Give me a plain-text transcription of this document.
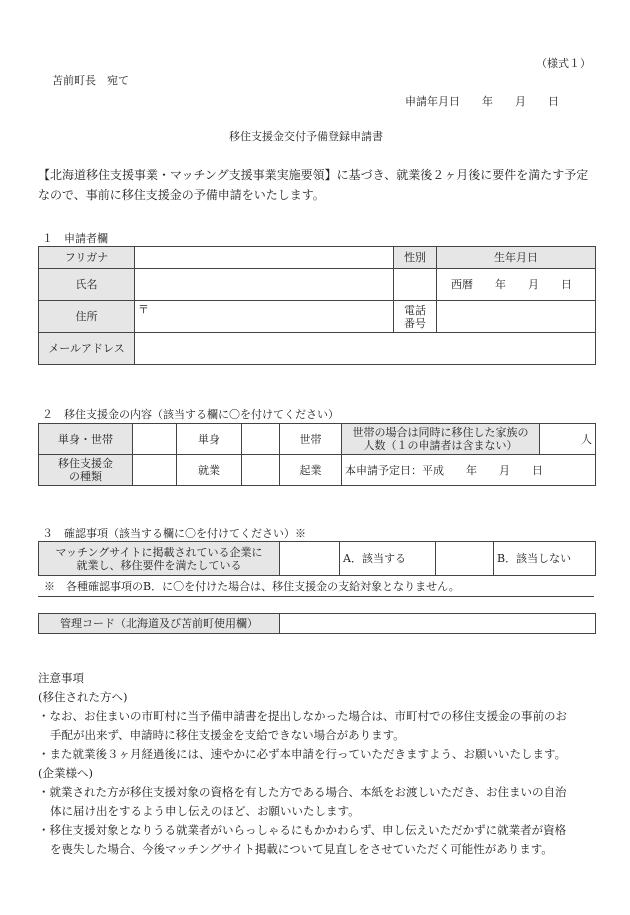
（様式１）
苫前町長　宛て
申請年月日　　年　　月　　日
移住支援金交付予備登録申請書
【北海道移住支援事業・マッチング支援事業実施要領】に基づき、就業後２ヶ月後に要件を満たす予定
なので、事前に移住支援金の予備申請をいたします。
１　申請者欄
フリガナ		性別	生年月日
氏名			西暦　　年　　月　　日
住所	〒	電話
番号	
メールアドレス			
２　移住支援金の内容（該当する欄に〇を付けてください）
単身・世帯		単身		世帯	世帯の場合は同時に移住した家族の
人数（１の申請者は含まない）	人
移住支援金
の種類		就業		起業	本申請予定日：平成　　年　　月　　日	
３　確認事項（該当する欄に〇を付けてください）※
マッチングサイトに掲載されている企業に
就業し、移住要件を満たしている		A．該当する		B．該当しない
※　各種確認事項のB．に〇を付けた場合は、移住支援金の支給対象となりません。
管理コード（北海道及び苫前町使用欄）	
注意事項
(移住された方へ)
・なお、お住まいの市町村に当予備申請書を提出しなかった場合は、市町村での移住支援金の事前のお
手配が出来ず、申請時に移住支援金を支給できない場合があります。
・また就業後３ヶ月経過後には、速やかに必ず本申請を行っていただきますよう、お願いいたします。
(企業様へ)
・就業された方が移住支援対象の資格を有した方である場合、本紙をお渡しいただき、お住まいの自治
体に届け出をするよう申し伝えのほど、お願いいたします。
・移住支援対象となりうる就業者がいらっしゃるにもかかわらず、申し伝えいただかずに就業者が資格
を喪失した場合、今後マッチングサイト掲載について見直しをさせていただく可能性があります。
